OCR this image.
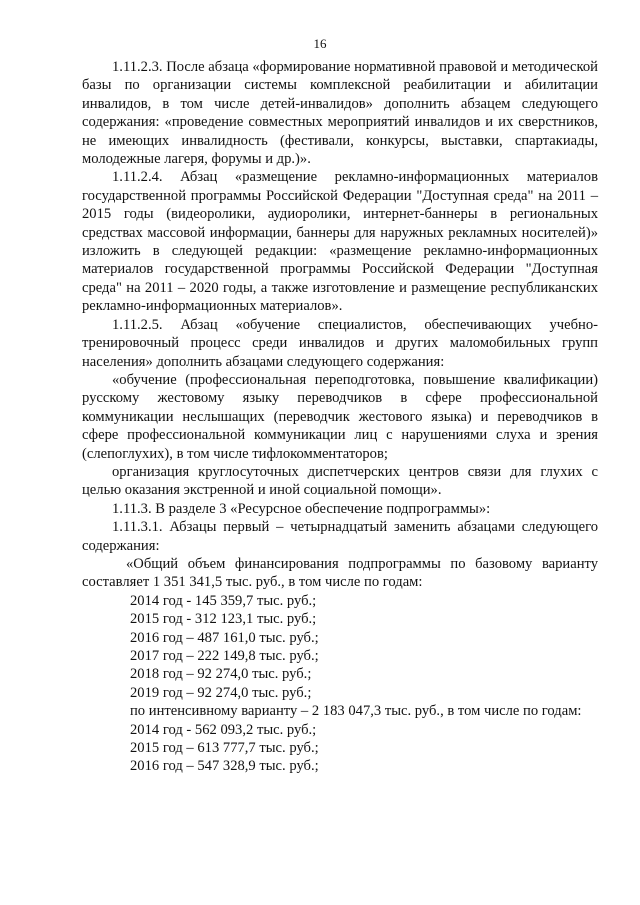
16

1.11.2.3. После абзаца «формирование нормативной правовой и методической базы по организации системы комплексной реабилитации и абилитации инвалидов, в том числе детей-инвалидов» дополнить абзацем следующего содержания: «проведение совместных мероприятий инвалидов и их сверстников, не имеющих инвалидность (фестивали, конкурсы, выставки, спартакиады, молодежные лагеря, форумы и др.)».

1.11.2.4. Абзац «размещение рекламно-информационных материалов государственной программы Российской Федерации "Доступная среда" на 2011 – 2015 годы (видеоролики, аудиоролики, интернет-баннеры в региональных средствах массовой информации, баннеры для наружных рекламных носителей)» изложить в следующей редакции: «размещение рекламно-информационных материалов государственной программы Российской Федерации "Доступная среда" на 2011 – 2020 годы, а также изготовление и размещение республиканских рекламно-информационных материалов».

1.11.2.5. Абзац «обучение специалистов, обеспечивающих учебно-тренировочный процесс среди инвалидов и других маломобильных групп населения» дополнить абзацами следующего содержания:

«обучение (профессиональная переподготовка, повышение квалификации) русскому жестовому языку переводчиков в сфере профессиональной коммуникации неслышащих (переводчик жестового языка) и переводчиков в сфере профессиональной коммуникации лиц с нарушениями слуха и зрения (слепоглухих), в том числе тифлокомментаторов;

организация круглосуточных диспетчерских центров связи для глухих с целью оказания экстренной и иной социальной помощи».

1.11.3. В разделе 3 «Ресурсное обеспечение подпрограммы»:

1.11.3.1. Абзацы первый – четырнадцатый заменить абзацами следующего содержания:

«Общий объем финансирования подпрограммы по базовому варианту составляет 1 351 341,5 тыс. руб., в том числе по годам:

2014 год - 145 359,7 тыс. руб.;

2015 год - 312 123,1 тыс. руб.;

2016 год – 487 161,0 тыс. руб.;

2017 год – 222 149,8 тыс. руб.;

2018 год – 92 274,0 тыс. руб.;

2019 год – 92 274,0 тыс. руб.;

по интенсивному варианту – 2 183 047,3 тыс. руб., в том числе по годам:

2014 год - 562 093,2 тыс. руб.;

2015 год – 613 777,7 тыс. руб.;

2016 год – 547 328,9 тыс. руб.;
